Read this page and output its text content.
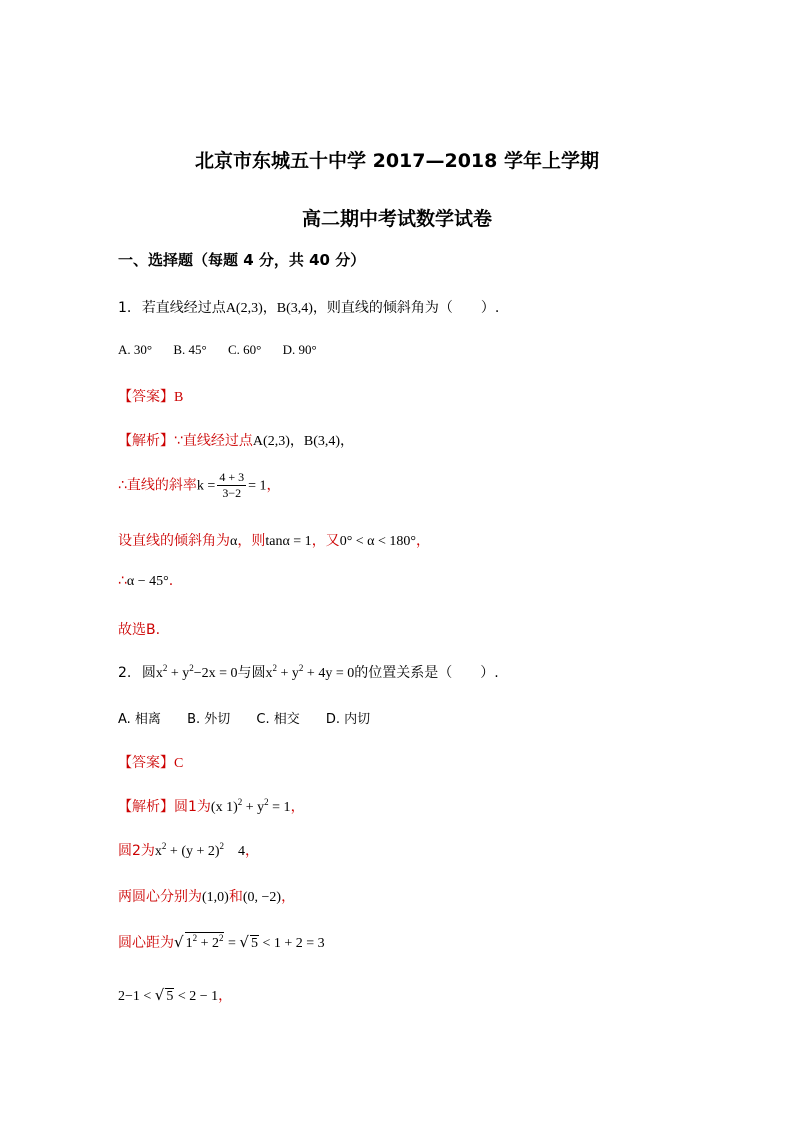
北京市东城五十中学 2017—2018 学年上学期
高二期中考试数学试卷
一、选择题（每题 4 分，共 40 分）
1. 若直线经过点A(2,3)，B(3,4)，则直线的倾斜角为（　　）.
A. 30° B. 45° C. 60° D. 90°
【答案】B
【解析】∵直线经过点A(2,3)，B(3,4)，
∴直线的斜率$k = \frac{4 + 3}{3-2} = 1$，
设直线的倾斜角为α，则tanα = 1，又0° < α < 180°，
∴α − 45°.
故选B.
2. 圆$x^2 + y^2-2x = 0$与圆$x^2 + y^2 + 4y = 0$的位置关系是（　　）.
A. 相离 B. 外切 C. 相交 D. 内切
【答案】C
【解析】圆1为(x $1)^2 + y^2 = 1$，
圆2为$x^2 + (y + 2)^2$    4，
两圆心分别为(1,0)和(0, −2)，
圆心距为√ $1^2 + 2^2$ = √ 5 < 1 + 2 = 3
2−1 < √ 5 < 2 − 1，
